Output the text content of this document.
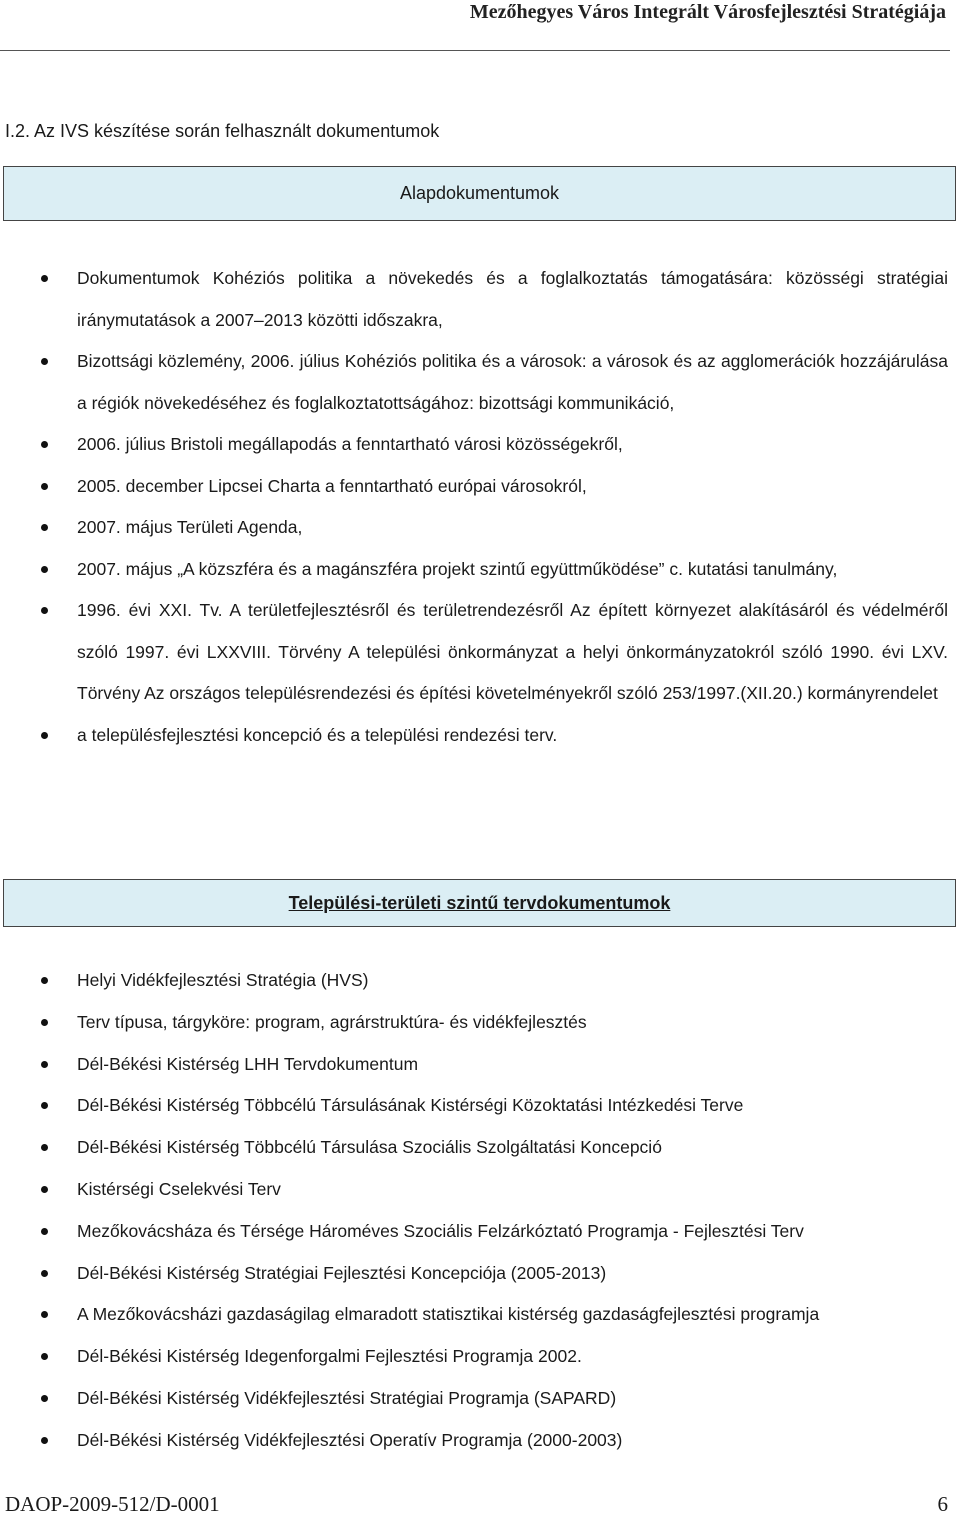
Mezőhegyes Város Integrált Városfejlesztési Stratégiája
I.2. Az IVS készítése során felhasznált dokumentumok
Alapdokumentumok
Dokumentumok Kohéziós politika a növekedés és a foglalkoztatás támogatására: közösségi stratégiai iránymutatások a 2007–2013 közötti időszakra,
Bizottsági közlemény, 2006. július Kohéziós politika és a városok: a városok és az agglomerációk hozzájárulása a régiók növekedéséhez és foglalkoztatottságához: bizottsági kommunikáció,
2006. július Bristoli megállapodás a fenntartható városi közösségekről,
2005. december Lipcsei Charta a fenntartható európai városokról,
2007. május Területi Agenda,
2007. május „A közszféra és a magánszféra projekt szintű együttműködése” c. kutatási tanulmány,
1996. évi XXI. Tv. A területfejlesztésről és területrendezésről Az épített környezet alakításáról és védelméről szóló 1997. évi LXXVIII. Törvény A települési önkormányzat a helyi önkormányzatokról szóló 1990. évi LXV. Törvény Az országos településrendezési és építési követelményekről szóló 253/1997.(XII.20.) kormányrendelet
a településfejlesztési koncepció és a települési rendezési terv.
Települési-területi szintű tervdokumentumok
Helyi Vidékfejlesztési Stratégia (HVS)
Terv típusa, tárgyköre: program, agrárstruktúra- és vidékfejlesztés
Dél-Békési Kistérség LHH Tervdokumentum
Dél-Békési Kistérség Többcélú Társulásának Kistérségi Közoktatási Intézkedési Terve
Dél-Békési Kistérség Többcélú Társulása Szociális Szolgáltatási Koncepció
Kistérségi Cselekvési Terv
Mezőkovácsháza és Térsége Hároméves Szociális Felzárkóztató Programja - Fejlesztési Terv
Dél-Békési Kistérség Stratégiai Fejlesztési Koncepciója (2005-2013)
A Mezőkovácsházi gazdaságilag elmaradott statisztikai kistérség gazdaságfejlesztési programja
Dél-Békési Kistérség Idegenforgalmi Fejlesztési Programja 2002.
Dél-Békési Kistérség Vidékfejlesztési Stratégiai Programja (SAPARD)
Dél-Békési Kistérség Vidékfejlesztési Operatív Programja (2000-2003)
DAOP-2009-512/D-0001	6
